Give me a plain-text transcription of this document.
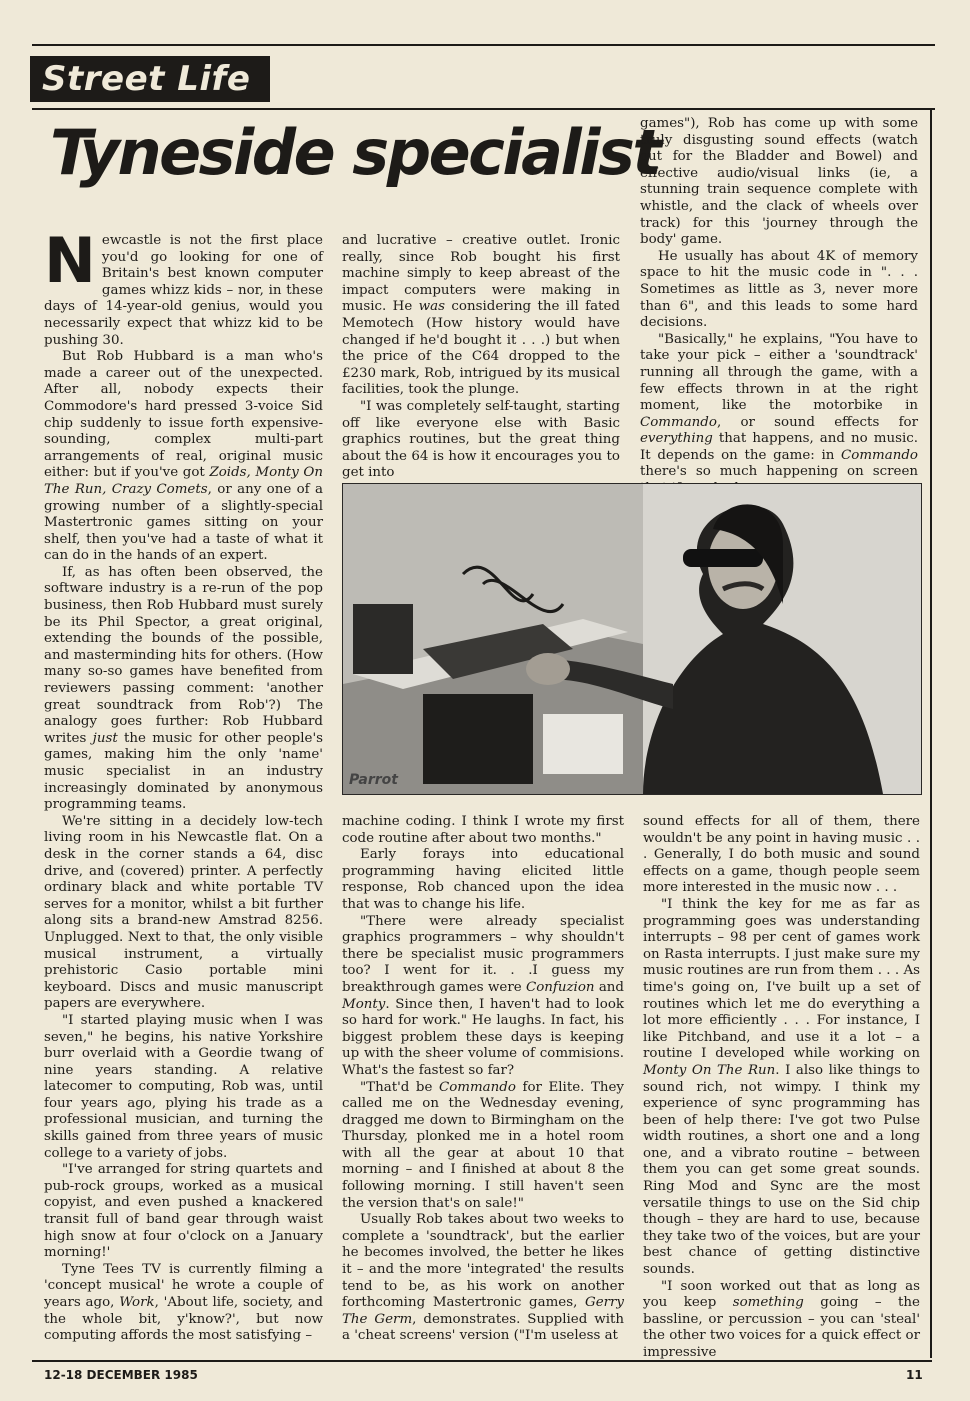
Street Life
Tyneside specialist

Newcastle is not the first place you'd go looking for one of Britain's best known computer games whizz kids – nor, in these days of 14-year-old genius, would you necessarily expect that whizz kid to be pushing 30.

But Rob Hubbard is a man who's made a career out of the unexpected. After all, nobody expects their Commodore's hard pressed 3-voice Sid chip suddenly to issue forth expensive-sounding, complex multi-part arrangements of real, original music either: but if you've got Zoids, Monty On The Run, Crazy Comets, or any one of a growing number of a slightly-special Mastertronic games sitting on your shelf, then you've had a taste of what it can do in the hands of an expert.

If, as has often been observed, the software industry is a re-run of the pop business, then Rob Hubbard must surely be its Phil Spector, a great original, extending the bounds of the possible, and masterminding hits for others. (How many so-so games have benefited from reviewers passing comment: 'another great soundtrack from Rob'?) The analogy goes further: Rob Hubbard writes just the music for other people's games, making him the only 'name' music specialist in an industry increasingly dominated by anonymous programming teams.

We're sitting in a decidely low-tech living room in his Newcastle flat. On a desk in the corner stands a 64, disc drive, and (covered) printer. A perfectly ordinary black and white portable TV serves for a monitor, whilst a bit further along sits a brand-new Amstrad 8256. Unplugged. Next to that, the only visible musical instrument, a virtually prehistoric Casio portable mini keyboard. Discs and music manuscript papers are everywhere.

"I started playing music when I was seven," he begins, his native Yorkshire burr overlaid with a Geordie twang of nine years standing. A relative latecomer to computing, Rob was, until four years ago, plying his trade as a professional musician, and turning the skills gained from three years of music college to a variety of jobs.

"I've arranged for string quartets and pub-rock groups, worked as a musical copyist, and even pushed a knackered transit full of band gear through waist high snow at four o'clock on a January morning!'

Tyne Tees TV is currently filming a 'concept musical' he wrote a couple of years ago, Work, 'About life, society, and the whole bit, y'know?', but now computing affords the most satisfying –

and lucrative – creative outlet. Ironic really, since Rob bought his first machine simply to keep abreast of the impact computers were making in music. He was considering the ill fated Memotech (How history would have changed if he'd bought it . . .) but when the price of the C64 dropped to the £230 mark, Rob, intrigued by its musical facilities, took the plunge.

"I was completely self-taught, starting off like everyone else with Basic graphics routines, but the great thing about the 64 is how it encourages you to get into

games"), Rob has come up with some truly disgusting sound effects (watch out for the Bladder and Bowel) and effective audio/visual links (ie, a stunning train sequence complete with whistle, and the clack of wheels over track) for this 'journey through the body' game.

He usually has about 4K of memory space to hit the music code in ". . . Sometimes as little as 3, never more than 6", and this leads to some hard decisions.

"Basically," he explains, "You have to take your pick – either a 'soundtrack' running all through the game, with a few effects thrown in at the right moment, like the motorbike in Commando, or sound effects for everything that happens, and no music. It depends on the game: in Commando there's so much happening on screen

Parrot

machine coding. I think I wrote my first code routine after about two months."

Early forays into educational programming having elicited little response, Rob chanced upon the idea that was to change his life.

"There were already specialist graphics programmers – why shouldn't there be specialist music programmers too? I went for it. . .I guess my breakthrough games were Confuzion and Monty. Since then, I haven't had to look so hard for work." He laughs. In fact, his biggest problem these days is keeping up with the sheer volume of commisions. What's the fastest so far?

"That'd be Commando for Elite. They called me on the Wednesday evening, dragged me down to Birmingham on the Thursday, plonked me in a hotel room with all the gear at about 10 that morning – and I finished at about 8 the following morning. I still haven't seen the version that's on sale!"

Usually Rob takes about two weeks to complete a 'soundtrack', but the earlier he becomes involved, the better he likes it – and the more 'integrated' the results tend to be, as his work on another forthcoming Mastertronic games, Gerry The Germ, demonstrates. Supplied with a 'cheat screens' version ("I'm useless at

sound effects for all of them, there wouldn't be any point in having music . . . Generally, I do both music and sound effects on a game, though people seem more interested in the music now . . .

"I think the key for me as far as programming goes was understanding interrupts – 98 per cent of games work on Rasta interrupts. I just make sure my music routines are run from them . . . As time's going on, I've built up a set of routines which let me do everything a lot more efficiently . . . For instance, I like Pitchband, and use it a lot – a routine I developed while working on Monty On The Run. I also like things to sound rich, not wimpy. I think my experience of sync programming has been of help there: I've got two Pulse width routines, a short one and a long one, and a vibrato routine – between them you can get some great sounds. Ring Mod and Sync are the most versatile things to use on the Sid chip though – they are hard to use, because they take two of the voices, but are your best chance of getting distinctive sounds.

"I soon worked out that as long as you keep something going – the bassline, or percussion – you can 'steal' the other two voices for a quick effect or impressive

12-18 DECEMBER 1985	11
